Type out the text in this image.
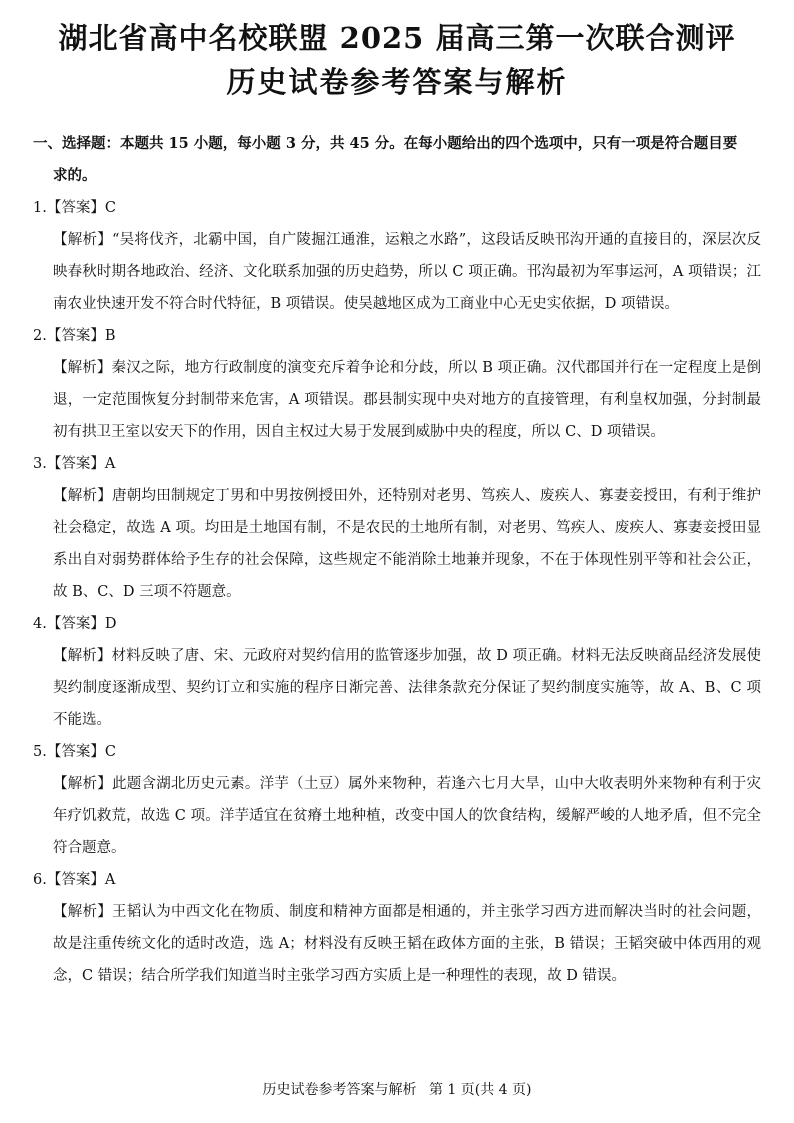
湖北省高中名校联盟 2025 届高三第一次联合测评
历史试卷参考答案与解析

一、选择题：本题共 15 小题，每小题 3 分，共 45 分。在每小题给出的四个选项中，只有一项是符合题目要
求的。

1.【答案】C

【解析】“吴将伐齐，北霸中国，自广陵掘江通淮，运粮之水路”，这段话反映邗沟开通的直接目的，深层次反映春秋时期各地政治、经济、文化联系加强的历史趋势，所以 C 项正确。邗沟最初为军事运河，A 项错误；江南农业快速开发不符合时代特征，B 项错误。使吴越地区成为工商业中心无史实依据，D 项错误。

2.【答案】B

【解析】秦汉之际，地方行政制度的演变充斥着争论和分歧，所以 B 项正确。汉代郡国并行在一定程度上是倒退，一定范围恢复分封制带来危害，A 项错误。郡县制实现中央对地方的直接管理，有利皇权加强，分封制最初有拱卫王室以安天下的作用，因自主权过大易于发展到威胁中央的程度，所以 C、D 项错误。

3.【答案】A

【解析】唐朝均田制规定丁男和中男按例授田外，还特别对老男、笃疾人、废疾人、寡妻妾授田，有利于维护社会稳定，故选 A 项。均田是土地国有制，不是农民的土地所有制，对老男、笃疾人、废疾人、寡妻妾授田显系出自对弱势群体给予生存的社会保障，这些规定不能消除土地兼并现象，不在于体现性别平等和社会公正，故 B、C、D 三项不符题意。

4.【答案】D

【解析】材料反映了唐、宋、元政府对契约信用的监管逐步加强，故 D 项正确。材料无法反映商品经济发展使契约制度逐渐成型、契约订立和实施的程序日渐完善、法律条款充分保证了契约制度实施等，故 A、B、C 项不能选。

5.【答案】C

【解析】此题含湖北历史元素。洋芋（土豆）属外来物种，若逢六七月大旱，山中大收表明外来物种有利于灾年疗饥救荒，故选 C 项。洋芋适宜在贫瘠土地种植，改变中国人的饮食结构，缓解严峻的人地矛盾，但不完全符合题意。

6.【答案】A

【解析】王韬认为中西文化在物质、制度和精神方面都是相通的，并主张学习西方进而解决当时的社会问题，故是注重传统文化的适时改造，选 A；材料没有反映王韬在政体方面的主张，B 错误；王韬突破中体西用的观念，C 错误；结合所学我们知道当时主张学习西方实质上是一种理性的表现，故 D 错误。

历史试卷参考答案与解析 第 1 页(共 4 页)
